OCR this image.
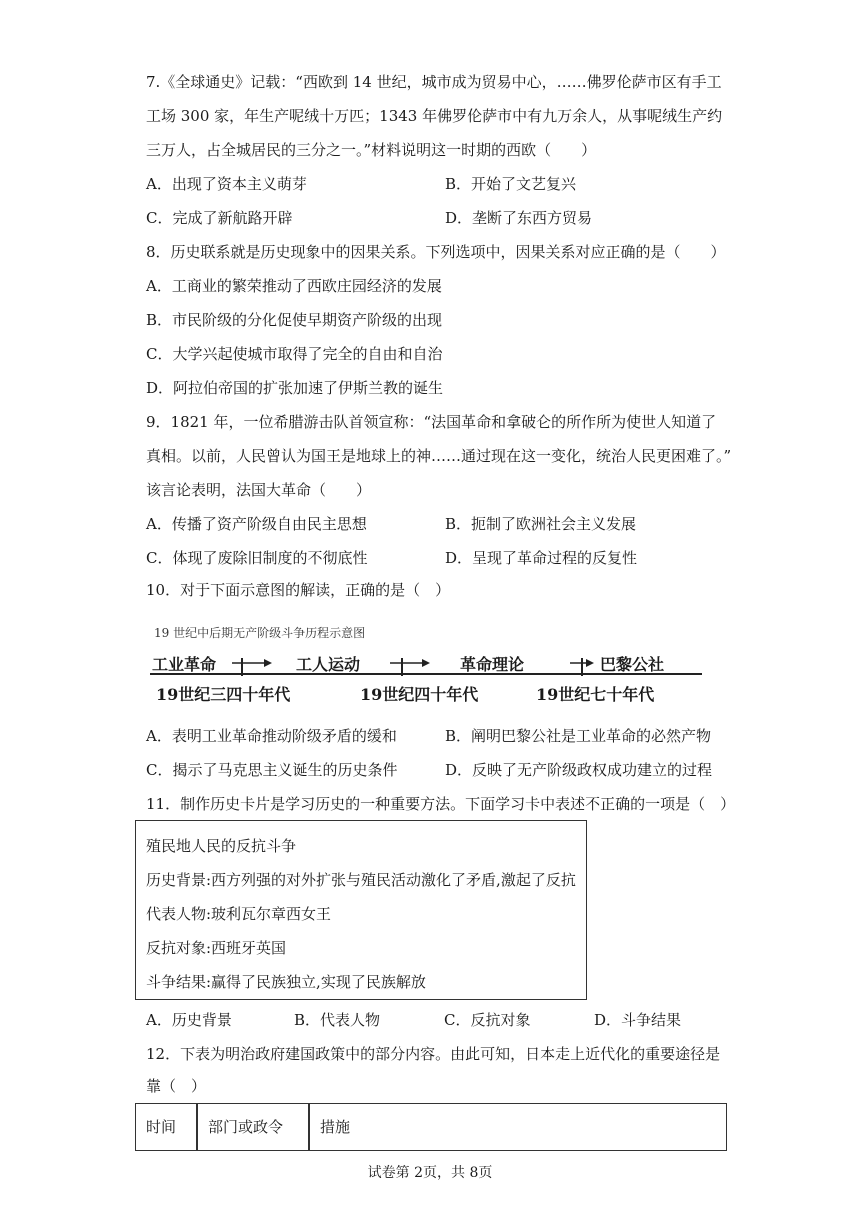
7.《全球通史》记载：“西欧到 14 世纪，城市成为贸易中心，……佛罗伦萨市区有手工
工场 300 家，年生产呢绒十万匹；1343 年佛罗伦萨市中有九万余人，从事呢绒生产约
三万人，占全城居民的三分之一。”材料说明这一时期的西欧（　　）
A．出现了资本主义萌芽	B．开始了文艺复兴
C．完成了新航路开辟	D．垄断了东西方贸易
8．历史联系就是历史现象中的因果关系。下列选项中，因果关系对应正确的是（　　）
A．工商业的繁荣推动了西欧庄园经济的发展
B．市民阶级的分化促使早期资产阶级的出现
C．大学兴起使城市取得了完全的自由和自治
D．阿拉伯帝国的扩张加速了伊斯兰教的诞生
9．1821 年，一位希腊游击队首领宣称：“法国革命和拿破仑的所作所为使世人知道了
真相。以前，人民曾认为国王是地球上的神……通过现在这一变化，统治人民更困难了。”
该言论表明，法国大革命（　　）
A．传播了资产阶级自由民主思想	B．扼制了欧洲社会主义发展
C．体现了废除旧制度的不彻底性	D．呈现了革命过程的反复性
10．对于下面示意图的解读，正确的是（　）
19 世纪中后期无产阶级斗争历程示意图
工业革命	工人运动	革命理论	巴黎公社
19世纪三四十年代	19世纪四十年代	19世纪七十年代
A．表明工业革命推动阶级矛盾的缓和	B．阐明巴黎公社是工业革命的必然产物
C．揭示了马克思主义诞生的历史条件	D．反映了无产阶级政权成功建立的过程
11．制作历史卡片是学习历史的一种重要方法。下面学习卡中表述不正确的一项是（　）
殖民地人民的反抗斗争
历史背景:西方列强的对外扩张与殖民活动激化了矛盾,激起了反抗
代表人物:玻利瓦尔章西女王
反抗对象:西班牙英国
斗争结果:赢得了民族独立,实现了民族解放
A．历史背景	B．代表人物	C．反抗对象	D．斗争结果
12．下表为明治政府建国政策中的部分内容。由此可知，日本走上近代化的重要途径是
靠（　）
时间 部门或政令 措施
试卷第 2页，共 8页
